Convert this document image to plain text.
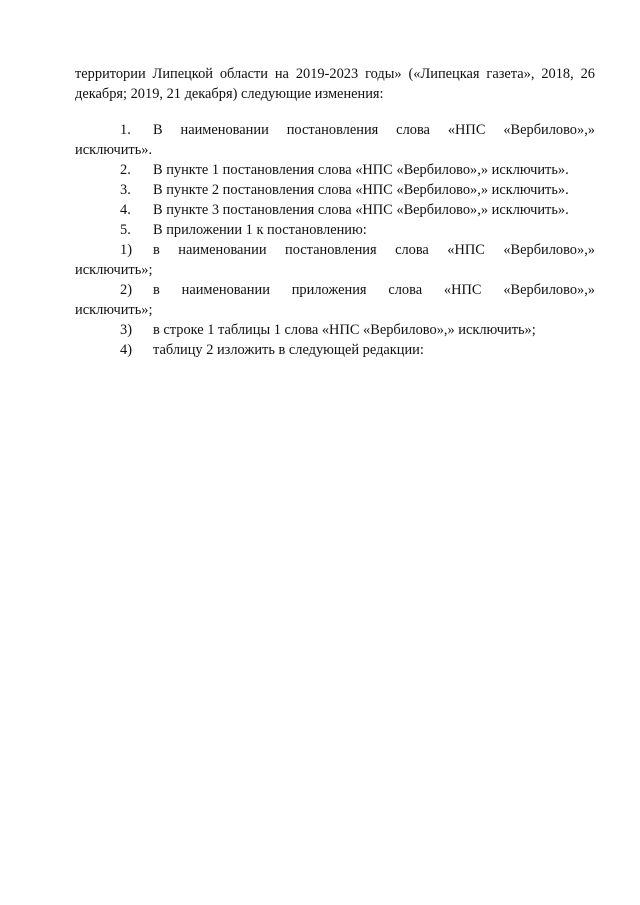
территории Липецкой области на 2019-2023 годы» («Липецкая газета», 2018, 26
декабря; 2019, 21 декабря) следующие изменения:

1.	В наименовании постановления слова «НПС «Вербилово»,»
исключить».
2.	В пункте 1 постановления слова «НПС «Вербилово»,» исключить».
3.	В пункте 2 постановления слова «НПС «Вербилово»,» исключить».
4.	В пункте 3 постановления слова «НПС «Вербилово»,» исключить».
5.	В приложении 1 к постановлению:
1)	в наименовании постановления слова «НПС «Вербилово»,»
исключить»;
2)	в наименовании приложения слова «НПС «Вербилово»,»
исключить»;
3)	в строке 1 таблицы 1 слова «НПС «Вербилово»,» исключить»;
4)	таблицу 2 изложить в следующей редакции:
